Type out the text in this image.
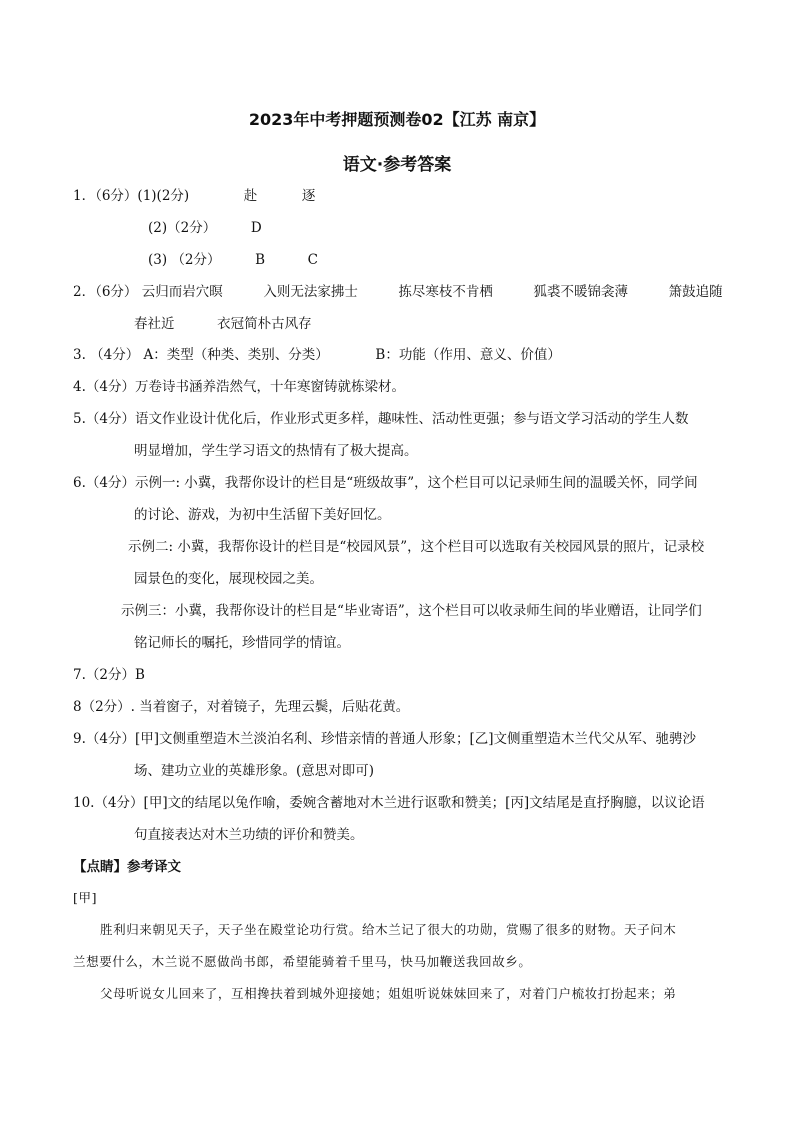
2023年中考押题预测卷02【江苏 南京】
语文·参考答案
1．（6分）(1)(2分)	赴	逐
(2)（2分）	D
(3) （2分）	B	C
2．（6分） 云归而岩穴暝	入则无法家拂士	拣尽寒枝不肯栖	狐裘不暖锦衾薄	箫鼓追随
春社近	衣冠简朴古风存
3. （4分） A：类型（种类、类别、分类）	B：功能（作用、意义、价值）
4.（4分）万卷诗书涵养浩然气，十年寒窗铸就栋梁材。
5.（4分）语文作业设计优化后，作业形式更多样，趣味性、活动性更强；参与语文学习活动的学生人数
明显增加，学生学习语文的热情有了极大提高。
6.（4分）示例一: 小冀，我帮你设计的栏目是“班级故事”，这个栏目可以记录师生间的温暖关怀，同学间
的讨论、游戏，为初中生活留下美好回忆。
示例二: 小冀，我帮你设计的栏目是“校园风景”，这个栏目可以选取有关校园风景的照片，记录校
园景色的变化，展现校园之美。
示例三：小冀，我帮你设计的栏目是“毕业寄语”，这个栏目可以收录师生间的毕业赠语，让同学们
铭记师长的嘱托，珍惜同学的情谊。
7.（2分）B
8（2分）. 当着窗子，对着镜子，先理云鬓，后贴花黄。
9.（4分）[甲]文侧重塑造木兰淡泊名利、珍惜亲情的普通人形象；[乙]文侧重塑造木兰代父从军、驰骋沙
场、建功立业的英雄形象。(意思对即可)
10.（4分）[甲]文的结尾以兔作喻，委婉含蓄地对木兰进行讴歌和赞美；[丙]文结尾是直抒胸臆，以议论语
句直接表达对木兰功绩的评价和赞美。
【点睛】参考译文
[甲]
胜利归来朝见天子，天子坐在殿堂论功行赏。给木兰记了很大的功勋，赏赐了很多的财物。天子问木
兰想要什么，木兰说不愿做尚书郎，希望能骑着千里马，快马加鞭送我回故乡。
父母听说女儿回来了，互相搀扶着到城外迎接她；姐姐听说妹妹回来了，对着门户梳妆打扮起来；弟
